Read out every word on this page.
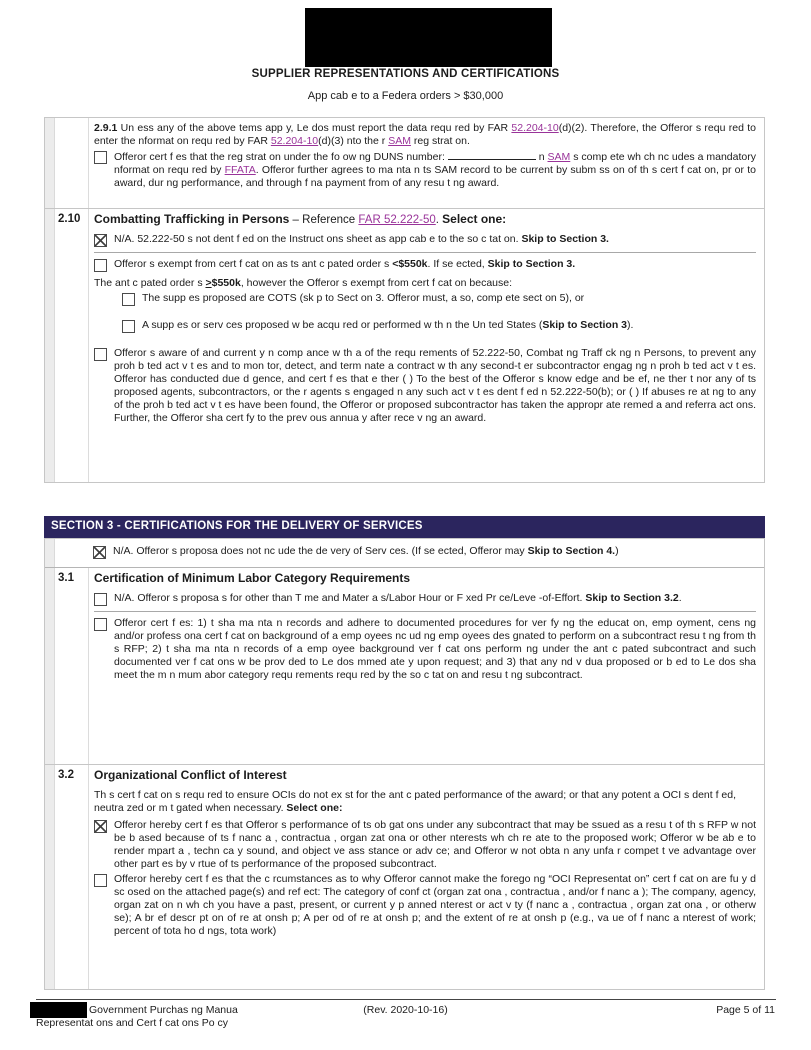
SUPPLIER REPRESENTATIONS AND CERTIFICATIONS
App cab e to a Federa orders > $30,000
2.9.1 Un ess any of the above tems app y, Le dos must report the data requ red by FAR 52.204-10(d)(2). Therefore, the Offeror s requ red to enter the nformat on requ red by FAR 52.204-10(d)(3) nto the r SAM reg strat on.
Offeror cert f es that the reg strat on under the fo ow ng DUNS number:	n SAM s comp ete wh ch nc udes a mandatory nformat on requ red by FFATA. Offeror further agrees to ma nta n ts SAM record to be current by subm ss on of th s cert f cat on, pr or to award, dur ng performance, and through f na payment from of any resu t ng award.
2.10	Combatting Trafficking in Persons – Reference FAR 52.222-50. Select one:
N/A. 52.222-50 s not dent f ed on the Instruct ons sheet as app cab e to the so c tat on. Skip to Section 3.
Offeror s exempt from cert f cat on as ts ant c pated order s <$550k. If se ected, Skip to Section 3.
The ant c pated order s >$550k, however the Offeror s exempt from cert f cat on because:
The supp es proposed are COTS (sk p to Sect on 3. Offeror must, a so, comp ete sect on 5), or
A supp es or serv ces proposed w be acqu red or performed w th n the Un ted States (Skip to Section 3).
Offeror s aware of and current y n comp ance w th a of the requ rements of 52.222-50, Combat ng Traff ck ng n Persons, to prevent any proh b ted act v t es and to mon tor, detect, and term nate a contract w th any second-t er subcontractor engag ng n proh b ted act v t es. Offeror has conducted due d gence, and cert f es that e ther ( ) To the best of the Offeror s know edge and be ef, ne ther t nor any of ts proposed agents, subcontractors, or the r agents s engaged n any such act v t es dent f ed n 52.222-50(b); or ( ) If abuses re at ng to any of the proh b ted act v t es have been found, the Offeror or proposed subcontractor has taken the appropr ate remed a and referra act ons. Further, the Offeror sha cert fy to the prev ous annua y after rece v ng an award.
SECTION 3 - CERTIFICATIONS FOR THE DELIVERY OF SERVICES
N/A. Offeror s proposa does not nc ude the de very of Serv ces. (If se ected, Offeror may Skip to Section 4.)
3.1	Certification of Minimum Labor Category Requirements
N/A. Offeror s proposa s for other than T me and Mater a s/Labor Hour or F xed Pr ce/Leve -of-Effort. Skip to Section 3.2.
Offeror cert f es: 1) t sha ma nta n records and adhere to documented procedures for ver fy ng the educat on, emp oyment, cens ng and/or profess ona cert f cat on background of a emp oyees nc ud ng emp oyees des gnated to perform on a subcontract resu t ng from th s RFP; 2) t sha ma nta n records of a emp oyee background ver f cat ons perform ng under the ant c pated subcontract and such documented ver f cat ons w be prov ded to Le dos mmed ate y upon request; and 3) that any nd v dua proposed or b ed to Le dos sha meet the m n mum abor category requ rements requ red by the so c tat on and resu t ng subcontract.
3.2	Organizational Conflict of Interest
Th s cert f cat on s requ red to ensure OCIs do not ex st for the ant c pated performance of the award; or that any potent a OCI s dent f ed, neutra zed or m t gated when necessary. Select one:
Offeror hereby cert f es that Offeror s performance of ts ob gat ons under any subcontract that may be ssued as a resu t of th s RFP w not be b ased because of ts f nanc a , contractua , organ zat ona or other nterests wh ch re ate to the proposed work; Offeror w be ab e to render mpart a , techn ca y sound, and object ve ass stance or adv ce; and Offeror w not obta n any unfa r compet t ve advantage over other part es by v rtue of ts performance of the proposed subcontract.
Offeror hereby cert f es that the c rcumstances as to why Offeror cannot make the forego ng “OCI Representat on” cert f cat on are fu y d sc osed on the attached page(s) and ref ect: The category of conf ct (organ zat ona , contractua , and/or f nanc a ); The company, agency, organ zat on n wh ch you have a past, present, or current y p anned nterest or act v ty (f nanc a , contractua , organ zat ona , or otherw se); A br ef descr pt on of re at onsh p; A per od of re at onsh p; and the extent of re at onsh p (e.g., va ue of f nanc a nterest of work; percent of tota ho d ngs, tota work)
Government Purchas ng Manua
Representat ons and Cert f cat ons Po cy
(Rev. 2020-10-16)	Page 5 of 11
